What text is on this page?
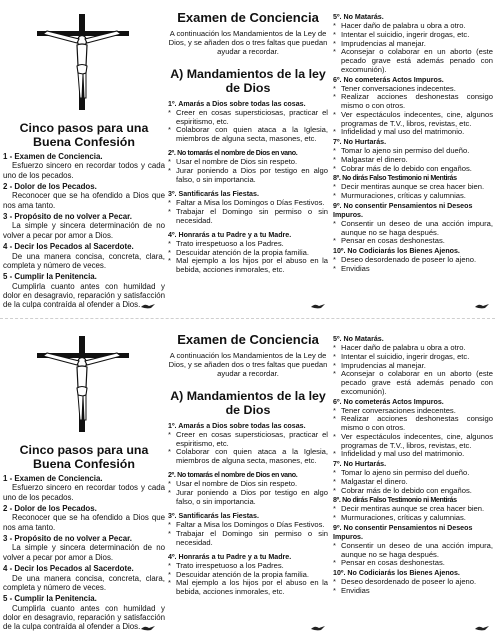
Cinco pasos para una Buena Confesión
1 - Examen de Conciencia.
Esfuerzo sincero en recordar todos y cada uno de los pecados.
2 - Dolor de los Pecados.
Reconocer que se ha ofendido a Dios que nos ama tanto.
3 - Propósito de no volver a Pecar.
La simple y sincera determinación de no volver a pecar por amor a Dios.
4 - Decir los Pecados al Sacerdote.
De una manera concisa, concreta, clara, completa y número de veces.
5 - Cumplir la Penitencia.
Cumplirla cuanto antes con humildad y dolor en desagravio, reparación y satisfacción de la culpa contraída al ofender a Dios.
Examen de Conciencia
A continuación los Mandamientos de la Ley de Dios, y se añaden dos o tres faltas que puedan ayudar a recordar.
A) Mandamientos de la ley de Dios
1º. Amarás a Dios sobre todas las cosas.
* Creer en cosas supersticiosas, practicar el espiritismo, etc.
* Colaborar con quien ataca a la Iglesia, miembros de alguna secta, masones, etc.
2º. No tomarás el nombre de Dios en vano.
* Usar el nombre de Dios sin respeto.
* Jurar poniendo a Dios por testigo en algo falso, o sin importancia.
3º. Santificarás las Fiestas.
* Faltar a Misa los Domingos o Días Festivos.
* Trabajar el Domingo sin permiso o sin necesidad.
4º. Honrarás a tu Padre y a tu Madre.
* Trato irrespetuoso a los Padres.
* Descuidar atención de la propia familia.
* Mal ejemplo a los hijos por el abuso en la bebida, acciones inmorales, etc.
5º. No Matarás.
* Hacer daño de palabra u obra a otro.
* Intentar el suicidio, ingerir drogas, etc.
* Imprudencias al manejar.
* Aconsejar o colaborar en un aborto (este pecado grave está además penado con excomunión).
6º. No cometerás Actos Impuros.
* Tener conversaciones indecentes.
* Realizar acciones deshonestas consigo mismo o con otros.
* Ver espectáculos indecentes, cine, algunos programas de T.V., libros, revistas, etc.
* Infidelidad y mal uso del matrimonio.
7º. No Hurtarás.
* Tomar lo ajeno sin permiso del dueño.
* Malgastar el dinero.
* Cobrar más de lo debido con engaños.
8º. No dirás Falso Testimonio ni Mentirás
* Decir mentiras aunque se crea hacer bien.
* Murmuraciones, críticas y calumnias.
9º. No consentir Pensamientos ni Deseos Impuros.
* Consentir un deseo de una acción impura, aunque no se haga después.
* Pensar en cosas deshonestas.
10º. No Codiciarás los Bienes Ajenos.
* Deseo desordenado de poseer lo ajeno.
* Envidias
Cinco pasos para una Buena Confesión
1 - Examen de Conciencia.
Esfuerzo sincero en recordar todos y cada uno de los pecados.
2 - Dolor de los Pecados.
Reconocer que se ha ofendido a Dios que nos ama tanto.
3 - Propósito de no volver a Pecar.
La simple y sincera determinación de no volver a pecar por amor a Dios.
4 - Decir los Pecados al Sacerdote.
De una manera concisa, concreta, clara, completa y número de veces.
5 - Cumplir la Penitencia.
Cumplirla cuanto antes con humildad y dolor en desagravio, reparación y satisfacción de la culpa contraída al ofender a Dios.
Examen de Conciencia
A continuación los Mandamientos de la Ley de Dios, y se añaden dos o tres faltas que puedan ayudar a recordar.
A) Mandamientos de la ley de Dios
1º. Amarás a Dios sobre todas las cosas.
* Creer en cosas supersticiosas, practicar el espiritismo, etc.
* Colaborar con quien ataca a la Iglesia, miembros de alguna secta, masones, etc.
2º. No tomarás el nombre de Dios en vano.
* Usar el nombre de Dios sin respeto.
* Jurar poniendo a Dios por testigo en algo falso, o sin importancia.
3º. Santificarás las Fiestas.
* Faltar a Misa los Domingos o Días Festivos.
* Trabajar el Domingo sin permiso o sin necesidad.
4º. Honrarás a tu Padre y a tu Madre.
* Trato irrespetuoso a los Padres.
* Descuidar atención de la propia familia.
* Mal ejemplo a los hijos por el abuso en la bebida, acciones inmorales, etc.
5º. No Matarás.
* Hacer daño de palabra u obra a otro.
* Intentar el suicidio, ingerir drogas, etc.
* Imprudencias al manejar.
* Aconsejar o colaborar en un aborto (este pecado grave está además penado con excomunión).
6º. No cometerás Actos Impuros.
* Tener conversaciones indecentes.
* Realizar acciones deshonestas consigo mismo o con otros.
* Ver espectáculos indecentes, cine, algunos programas de T.V., libros, revistas, etc.
* Infidelidad y mal uso del matrimonio.
7º. No Hurtarás.
* Tomar lo ajeno sin permiso del dueño.
* Malgastar el dinero.
* Cobrar más de lo debido con engaños.
8º. No dirás Falso Testimonio ni Mentirás
* Decir mentiras aunque se crea hacer bien.
* Murmuraciones, críticas y calumnias.
9º. No consentir Pensamientos ni Deseos Impuros.
* Consentir un deseo de una acción impura, aunque no se haga después.
* Pensar en cosas deshonestas.
10º. No Codiciarás los Bienes Ajenos.
* Deseo desordenado de poseer lo ajeno.
* Envidias
